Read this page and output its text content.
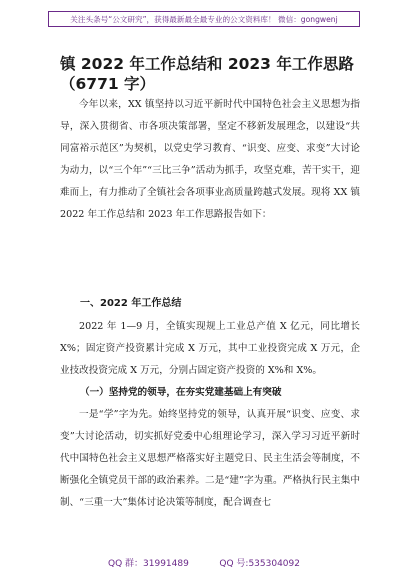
关注头条号“公文研究”，获得最新最全最专业的公文资料库！ 微信：gongwenj
镇 2022 年工作总结和 2023 年工作思路
（6771 字）
今年以来，XX 镇坚持以习近平新时代中国特色社会主义思想为指导，深入贯彻省、市各项决策部署，坚定不移新发展理念，以建设“共同富裕示范区”为契机，以党史学习教育、“识变、应变、求变”大讨论为动力，以“三个年”“三比三争”活动为抓手，攻坚克难，苦干实干，迎难而上，有力推动了全镇社会各项事业高质量跨越式发展。现将 XX 镇 2022 年工作总结和 2023 年工作思路报告如下：
一、2022 年工作总结
2022 年 1—9 月，全镇实现规上工业总产值 X 亿元，同比增长 X%；固定资产投资累计完成 X 万元，其中工业投资完成 X 万元，企业技改投资完成 X 万元，分别占固定资产投资的 X%和 X%。
（一）坚持党的领导，在夯实党建基础上有突破
一是“学”字为先。始终坚持党的领导，认真开展“识变、应变、求变”大讨论活动，切实抓好党委中心组理论学习，深入学习习近平新时代中国特色社会主义思想严格落实好主题党日、民主生活会等制度，不断强化全镇党员干部的政治素养。二是“建”字为重。严格执行民主集中制、“三重一大”集体讨论决策等制度，配合调查七
QQ 群：31991489	QQ 号:535304092
